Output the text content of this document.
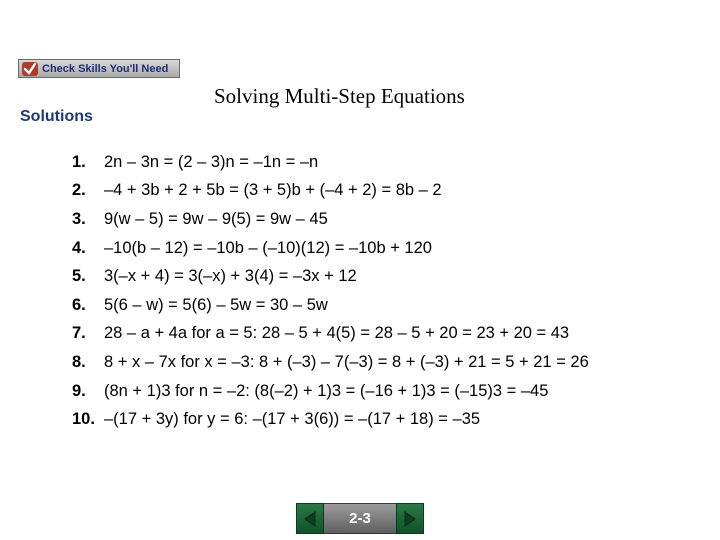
Check Skills You'll Need
Solving Multi-Step Equations
Solutions
1.	2n – 3n = (2 – 3)n = –1n = –n
2.	–4 + 3b + 2 + 5b = (3 + 5)b + (–4 + 2) = 8b – 2
3.	9(w – 5) = 9w – 9(5) = 9w – 45
4.	–10(b – 12) = –10b – (–10)(12) = –10b + 120
5.	3(–x + 4) = 3(–x) + 3(4) = –3x + 12
6.	5(6 – w) = 5(6) – 5w = 30 – 5w
7.	28 – a + 4a for a = 5: 28 – 5 + 4(5) = 28 – 5 + 20 = 23 + 20 = 43
8.	8 + x – 7x for x = –3: 8 + (–3) – 7(–3) = 8 + (–3) + 21 = 5 + 21 = 26
9.	(8n + 1)3 for n = –2: (8(–2) + 1)3 = (–16 + 1)3 = (–15)3 = –45
10. –(17 + 3y) for y = 6: –(17 + 3(6)) = –(17 + 18) = –35
2-3
